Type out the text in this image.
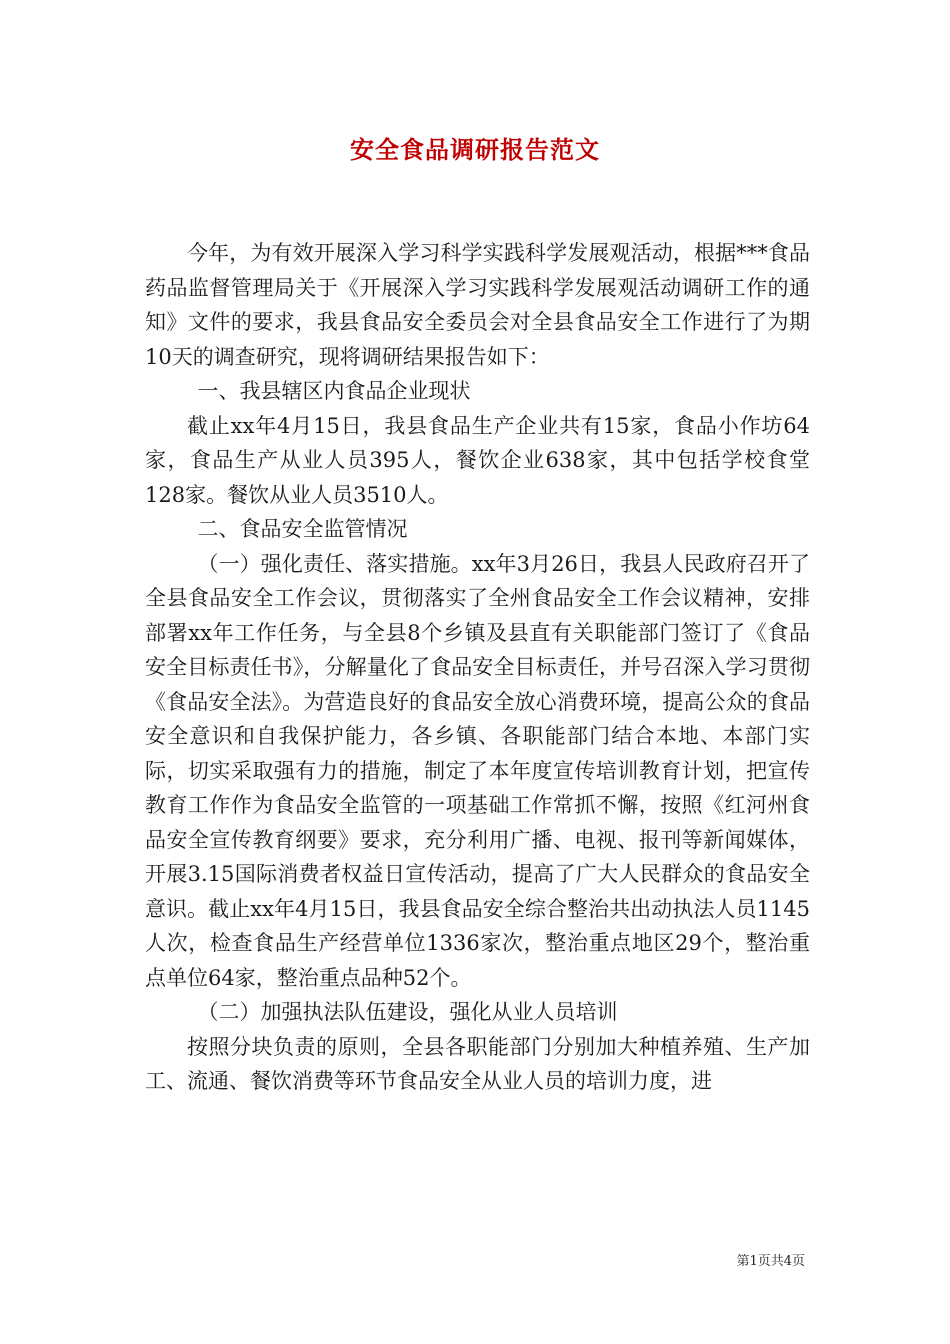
安全食品调研报告范文

今年，为有效开展深入学习科学实践科学发展观活动，根据***食品药品监督管理局关于《开展深入学习实践科学发展观活动调研工作的通知》文件的要求，我县食品安全委员会对全县食品安全工作进行了为期10天的调查研究，现将调研结果报告如下：

一、我县辖区内食品企业现状

截止xx年4月15日，我县食品生产企业共有15家，食品小作坊64家，食品生产从业人员395人，餐饮企业638家，其中包括学校食堂128家。餐饮从业人员3510人。

二、食品安全监管情况

（一）强化责任、落实措施。xx年3月26日，我县人民政府召开了全县食品安全工作会议，贯彻落实了全州食品安全工作会议精神，安排部署xx年工作任务，与全县8个乡镇及县直有关职能部门签订了《食品安全目标责任书》，分解量化了食品安全目标责任，并号召深入学习贯彻《食品安全法》。为营造良好的食品安全放心消费环境，提高公众的食品安全意识和自我保护能力，各乡镇、各职能部门结合本地、本部门实际，切实采取强有力的措施，制定了本年度宣传培训教育计划，把宣传教育工作作为食品安全监管的一项基础工作常抓不懈，按照《红河州食品安全宣传教育纲要》要求，充分利用广播、电视、报刊等新闻媒体，开展3.15国际消费者权益日宣传活动，提高了广大人民群众的食品安全意识。截止xx年4月15日，我县食品安全综合整治共出动执法人员1145人次，检查食品生产经营单位1336家次，整治重点地区29个，整治重点单位64家，整治重点品种52个。

（二）加强执法队伍建设，强化从业人员培训

按照分块负责的原则，全县各职能部门分别加大种植养殖、生产加工、流通、餐饮消费等环节食品安全从业人员的培训力度，进

第1页共4页
